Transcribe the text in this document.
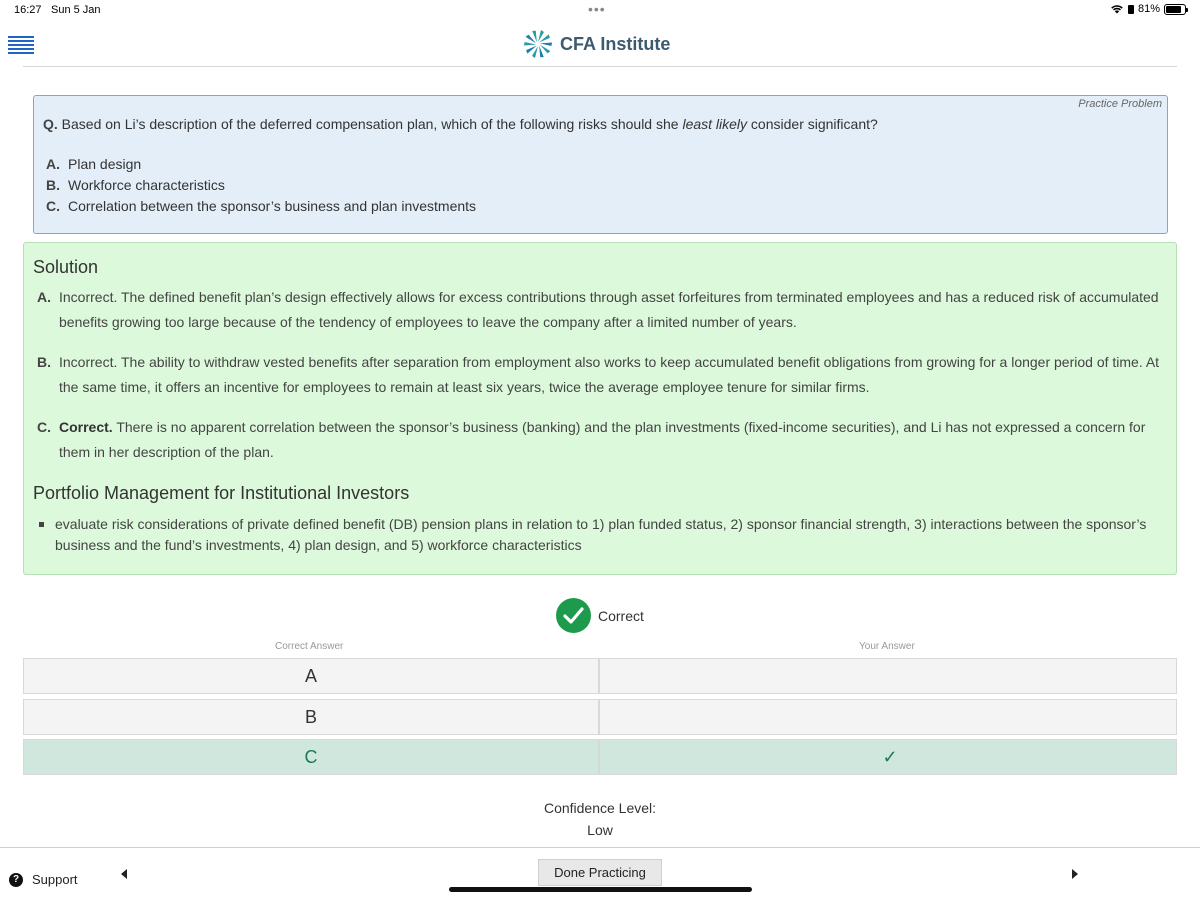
16:27 Sun 5 Jan	•••	81%
CFA Institute
Practice Problem
Q. Based on Li’s description of the deferred compensation plan, which of the following risks should she least likely consider significant?
A. Plan design
B. Workforce characteristics
C. Correlation between the sponsor’s business and plan investments
Solution
A. Incorrect. The defined benefit plan’s design effectively allows for excess contributions through asset forfeitures from terminated employees and has a reduced risk of accumulated benefits growing too large because of the tendency of employees to leave the company after a limited number of years.
B. Incorrect. The ability to withdraw vested benefits after separation from employment also works to keep accumulated benefit obligations from growing for a longer period of time. At the same time, it offers an incentive for employees to remain at least six years, twice the average employee tenure for similar firms.
C. Correct. There is no apparent correlation between the sponsor’s business (banking) and the plan investments (fixed-income securities), and Li has not expressed a concern for them in her description of the plan.
Portfolio Management for Institutional Investors
evaluate risk considerations of private defined benefit (DB) pension plans in relation to 1) plan funded status, 2) sponsor financial strength, 3) interactions between the sponsor’s business and the fund’s investments, 4) plan design, and 5) workforce characteristics
Correct
Correct Answer	Your Answer
A
B
C	✓
Confidence Level:
Low
? Support	Done Practicing
